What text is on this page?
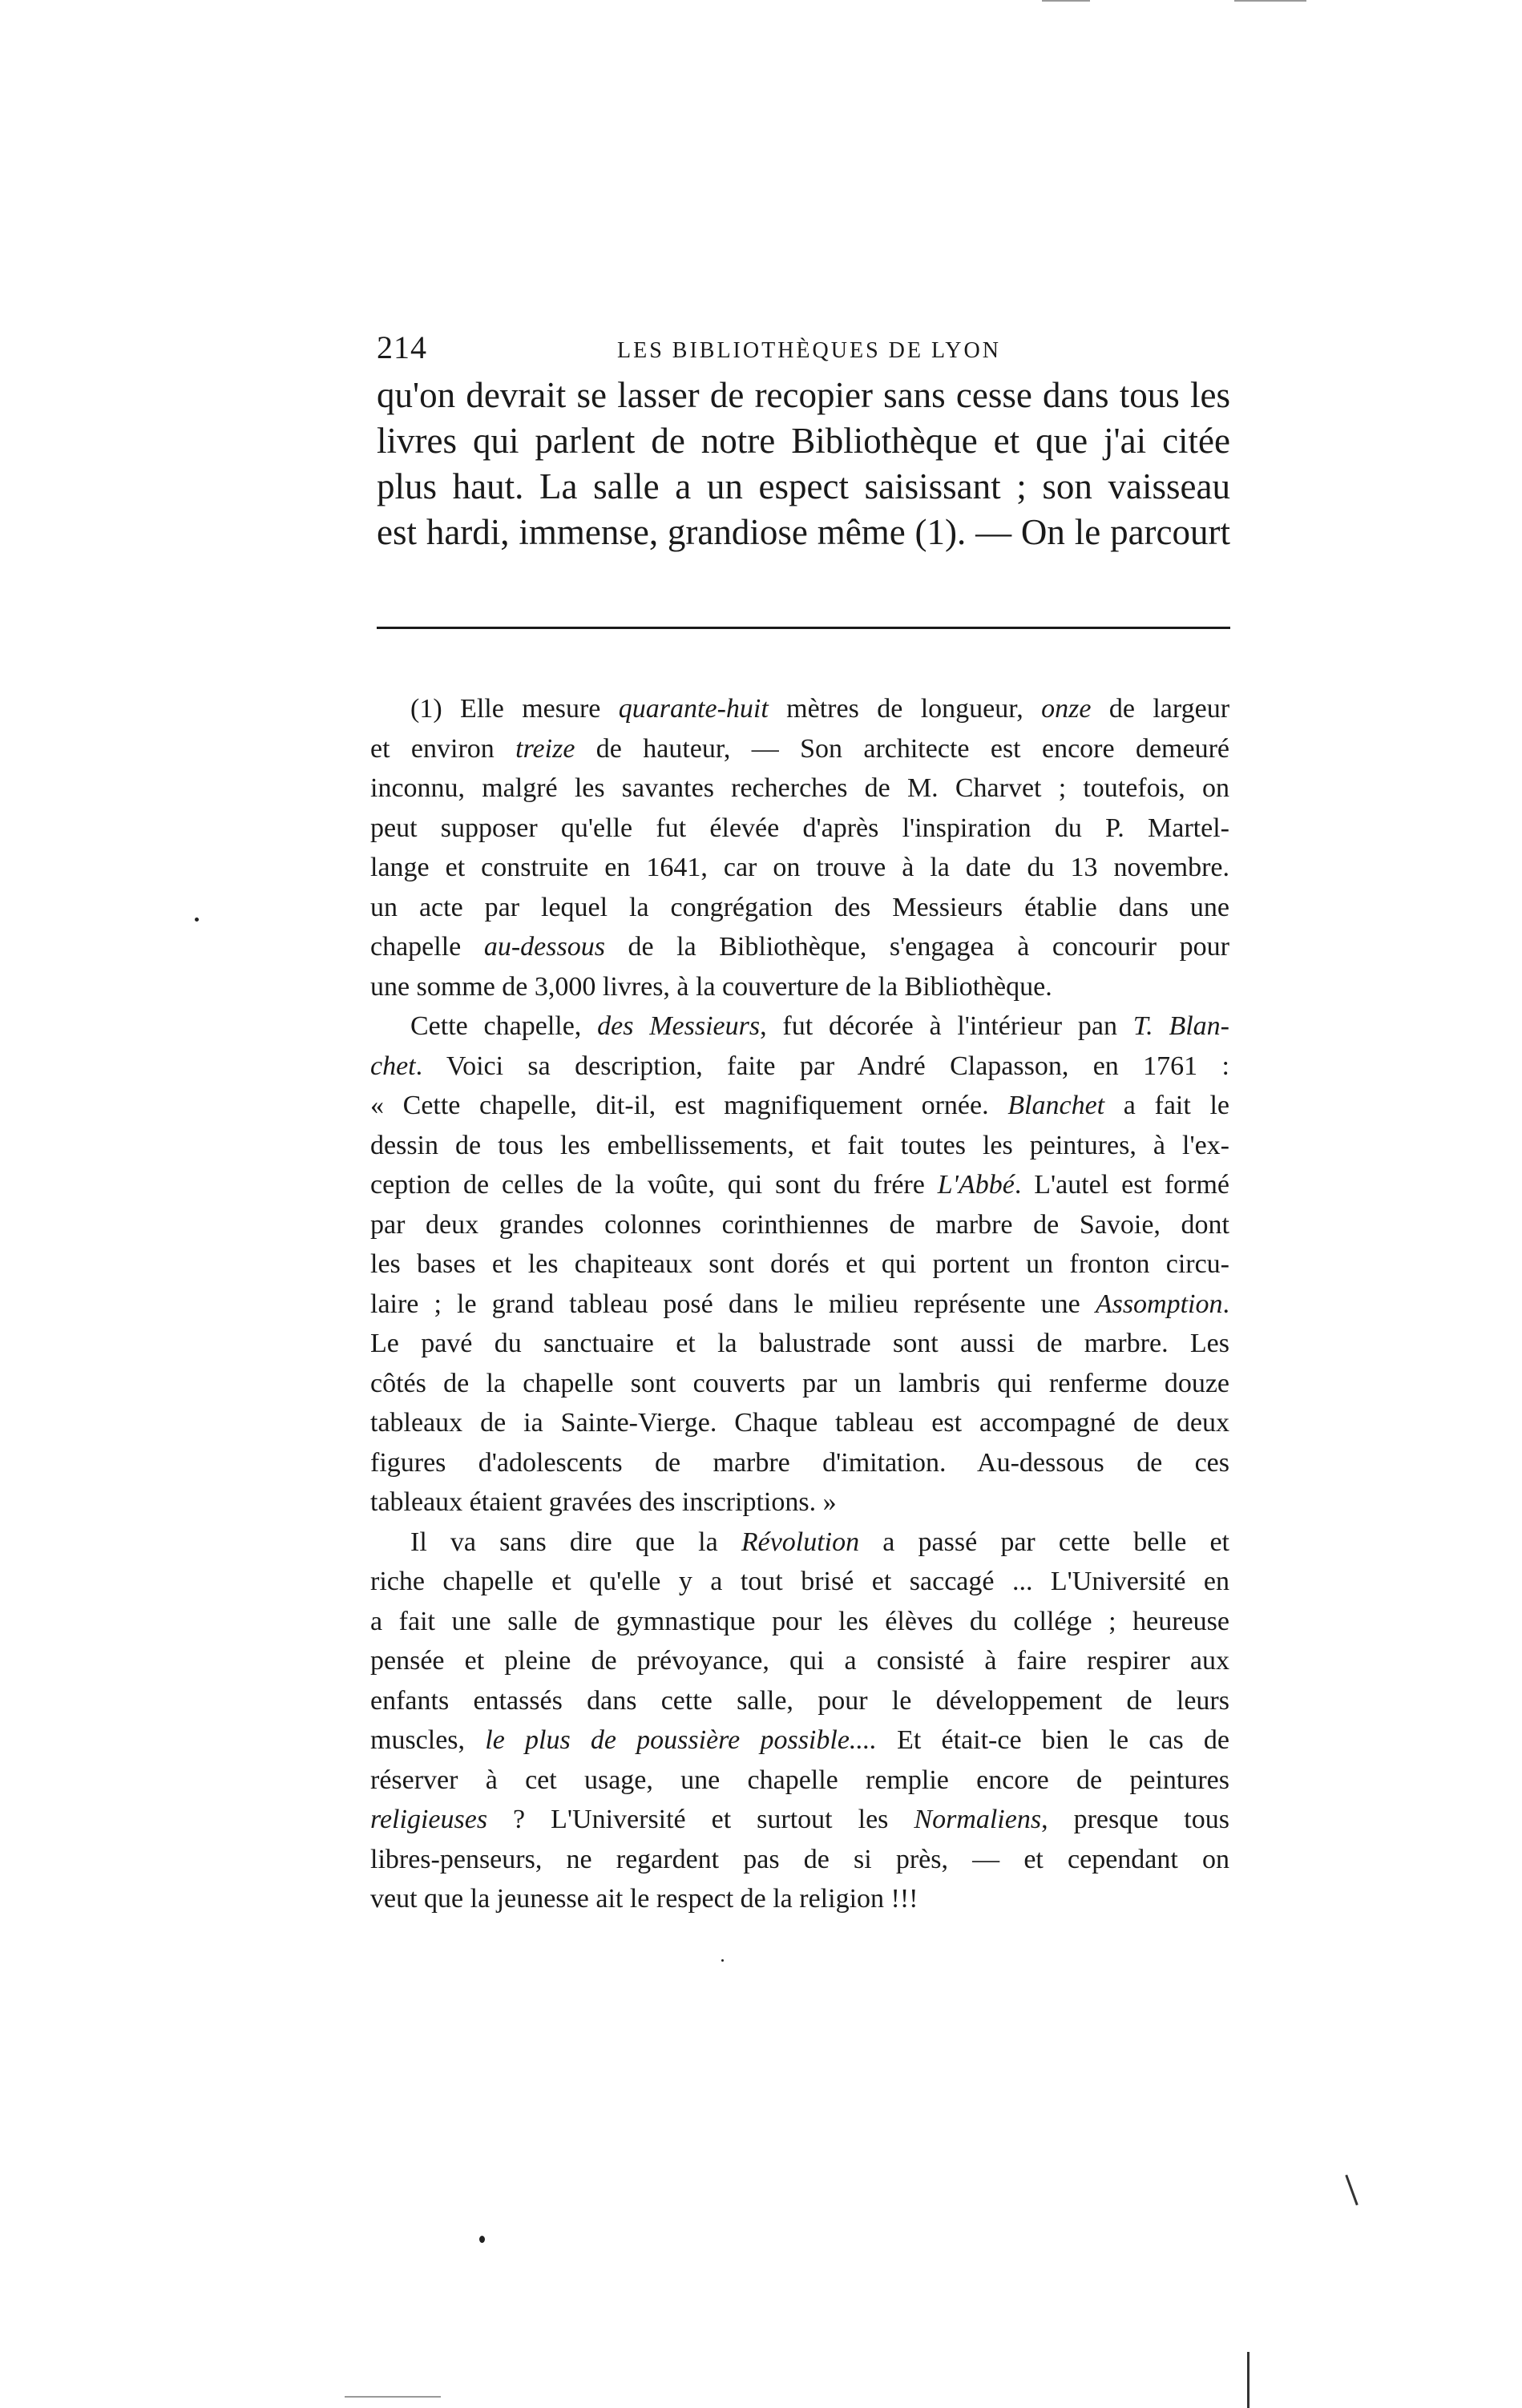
214	LES BIBLIOTHÈQUES DE LYON
qu'on devrait se lasser de recopier sans cesse dans tous les
livres qui parlent de notre Bibliothèque et que j'ai citée
plus haut. La salle a un espect saisissant ; son vaisseau
est hardi, immense, grandiose même (1). — On le parcourt
(1) Elle mesure quarante-huit mètres de longueur, onze de largeur
et environ treize de hauteur, — Son architecte est encore demeuré
inconnu, malgré les savantes recherches de M. Charvet ; toutefois, on
peut supposer qu'elle fut élevée d'après l'inspiration du P. Martel-
lange et construite en 1641, car on trouve à la date du 13 novembre.
un acte par lequel la congrégation des Messieurs établie dans une
chapelle au-dessous de la Bibliothèque, s'engagea à concourir pour
une somme de 3,000 livres, à la couverture de la Bibliothèque.
Cette chapelle, des Messieurs, fut décorée à l'intérieur pan T. Blan-
chet. Voici sa description, faite par André Clapasson, en 1761 :
« Cette chapelle, dit-il, est magnifiquement ornée. Blanchet a fait le
dessin de tous les embellissements, et fait toutes les peintures, à l'ex-
ception de celles de la voûte, qui sont du frére L'Abbé. L'autel est formé
par deux grandes colonnes corinthiennes de marbre de Savoie, dont
les bases et les chapiteaux sont dorés et qui portent un fronton circu-
laire ; le grand tableau posé dans le milieu représente une Assomption.
Le pavé du sanctuaire et la balustrade sont aussi de marbre. Les
côtés de la chapelle sont couverts par un lambris qui renferme douze
tableaux de ia Sainte-Vierge. Chaque tableau est accompagné de deux
figures d'adolescents de marbre d'imitation. Au-dessous de ces
tableaux étaient gravées des inscriptions. »
Il va sans dire que la Révolution a passé par cette belle et
riche chapelle et qu'elle y a tout brisé et saccagé ... L'Université en
a fait une salle de gymnastique pour les élèves du collége ; heureuse
pensée et pleine de prévoyance, qui a consisté à faire respirer aux
enfants entassés dans cette salle, pour le développement de leurs
muscles, le plus de poussière possible.... Et était-ce bien le cas de
réserver à cet usage, une chapelle remplie encore de peintures
religieuses ? L'Université et surtout les Normaliens, presque tous
libres-penseurs, ne regardent pas de si près, — et cependant on
veut que la jeunesse ait le respect de la religion !!!
